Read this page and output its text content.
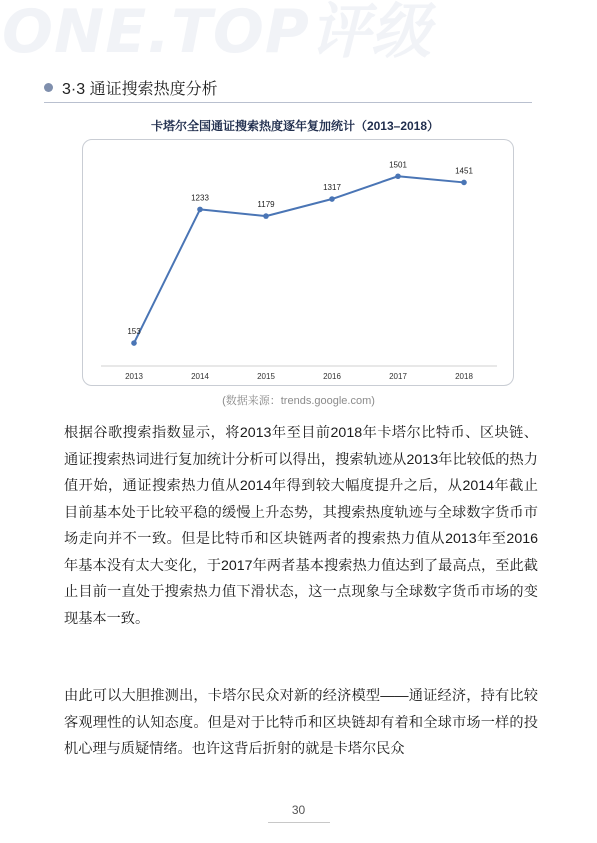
ONE.TOP评级
3·3 通证搜索热度分析
卡塔尔全国通证搜索热度逐年复加统计（2013–2018）
153
1233
1179
1317
1501
1451
2013	2014	2015	2016	2017	2018
(数据来源：trends.google.com)

根据谷歌搜索指数显示，将2013年至目前2018年卡塔尔比特币、区块链、通证搜索热词进行复加统计分析可以得出，搜索轨迹从2013年比较低的热力值开始，通证搜索热力值从2014年得到较大幅度提升之后，从2014年截止目前基本处于比较平稳的缓慢上升态势，其搜索热度轨迹与全球数字货币市场走向并不一致。但是比特币和区块链两者的搜索热力值从2013年至2016年基本没有太大变化，于2017年两者基本搜索热力值达到了最高点，至此截止目前一直处于搜索热力值下滑状态，这一点现象与全球数字货币市场的变现基本一致。

由此可以大胆推测出，卡塔尔民众对新的经济模型——通证经济，持有比较客观理性的认知态度。但是对于比特币和区块链却有着和全球市场一样的投机心理与质疑情绪。也许这背后折射的就是卡塔尔民众

30
